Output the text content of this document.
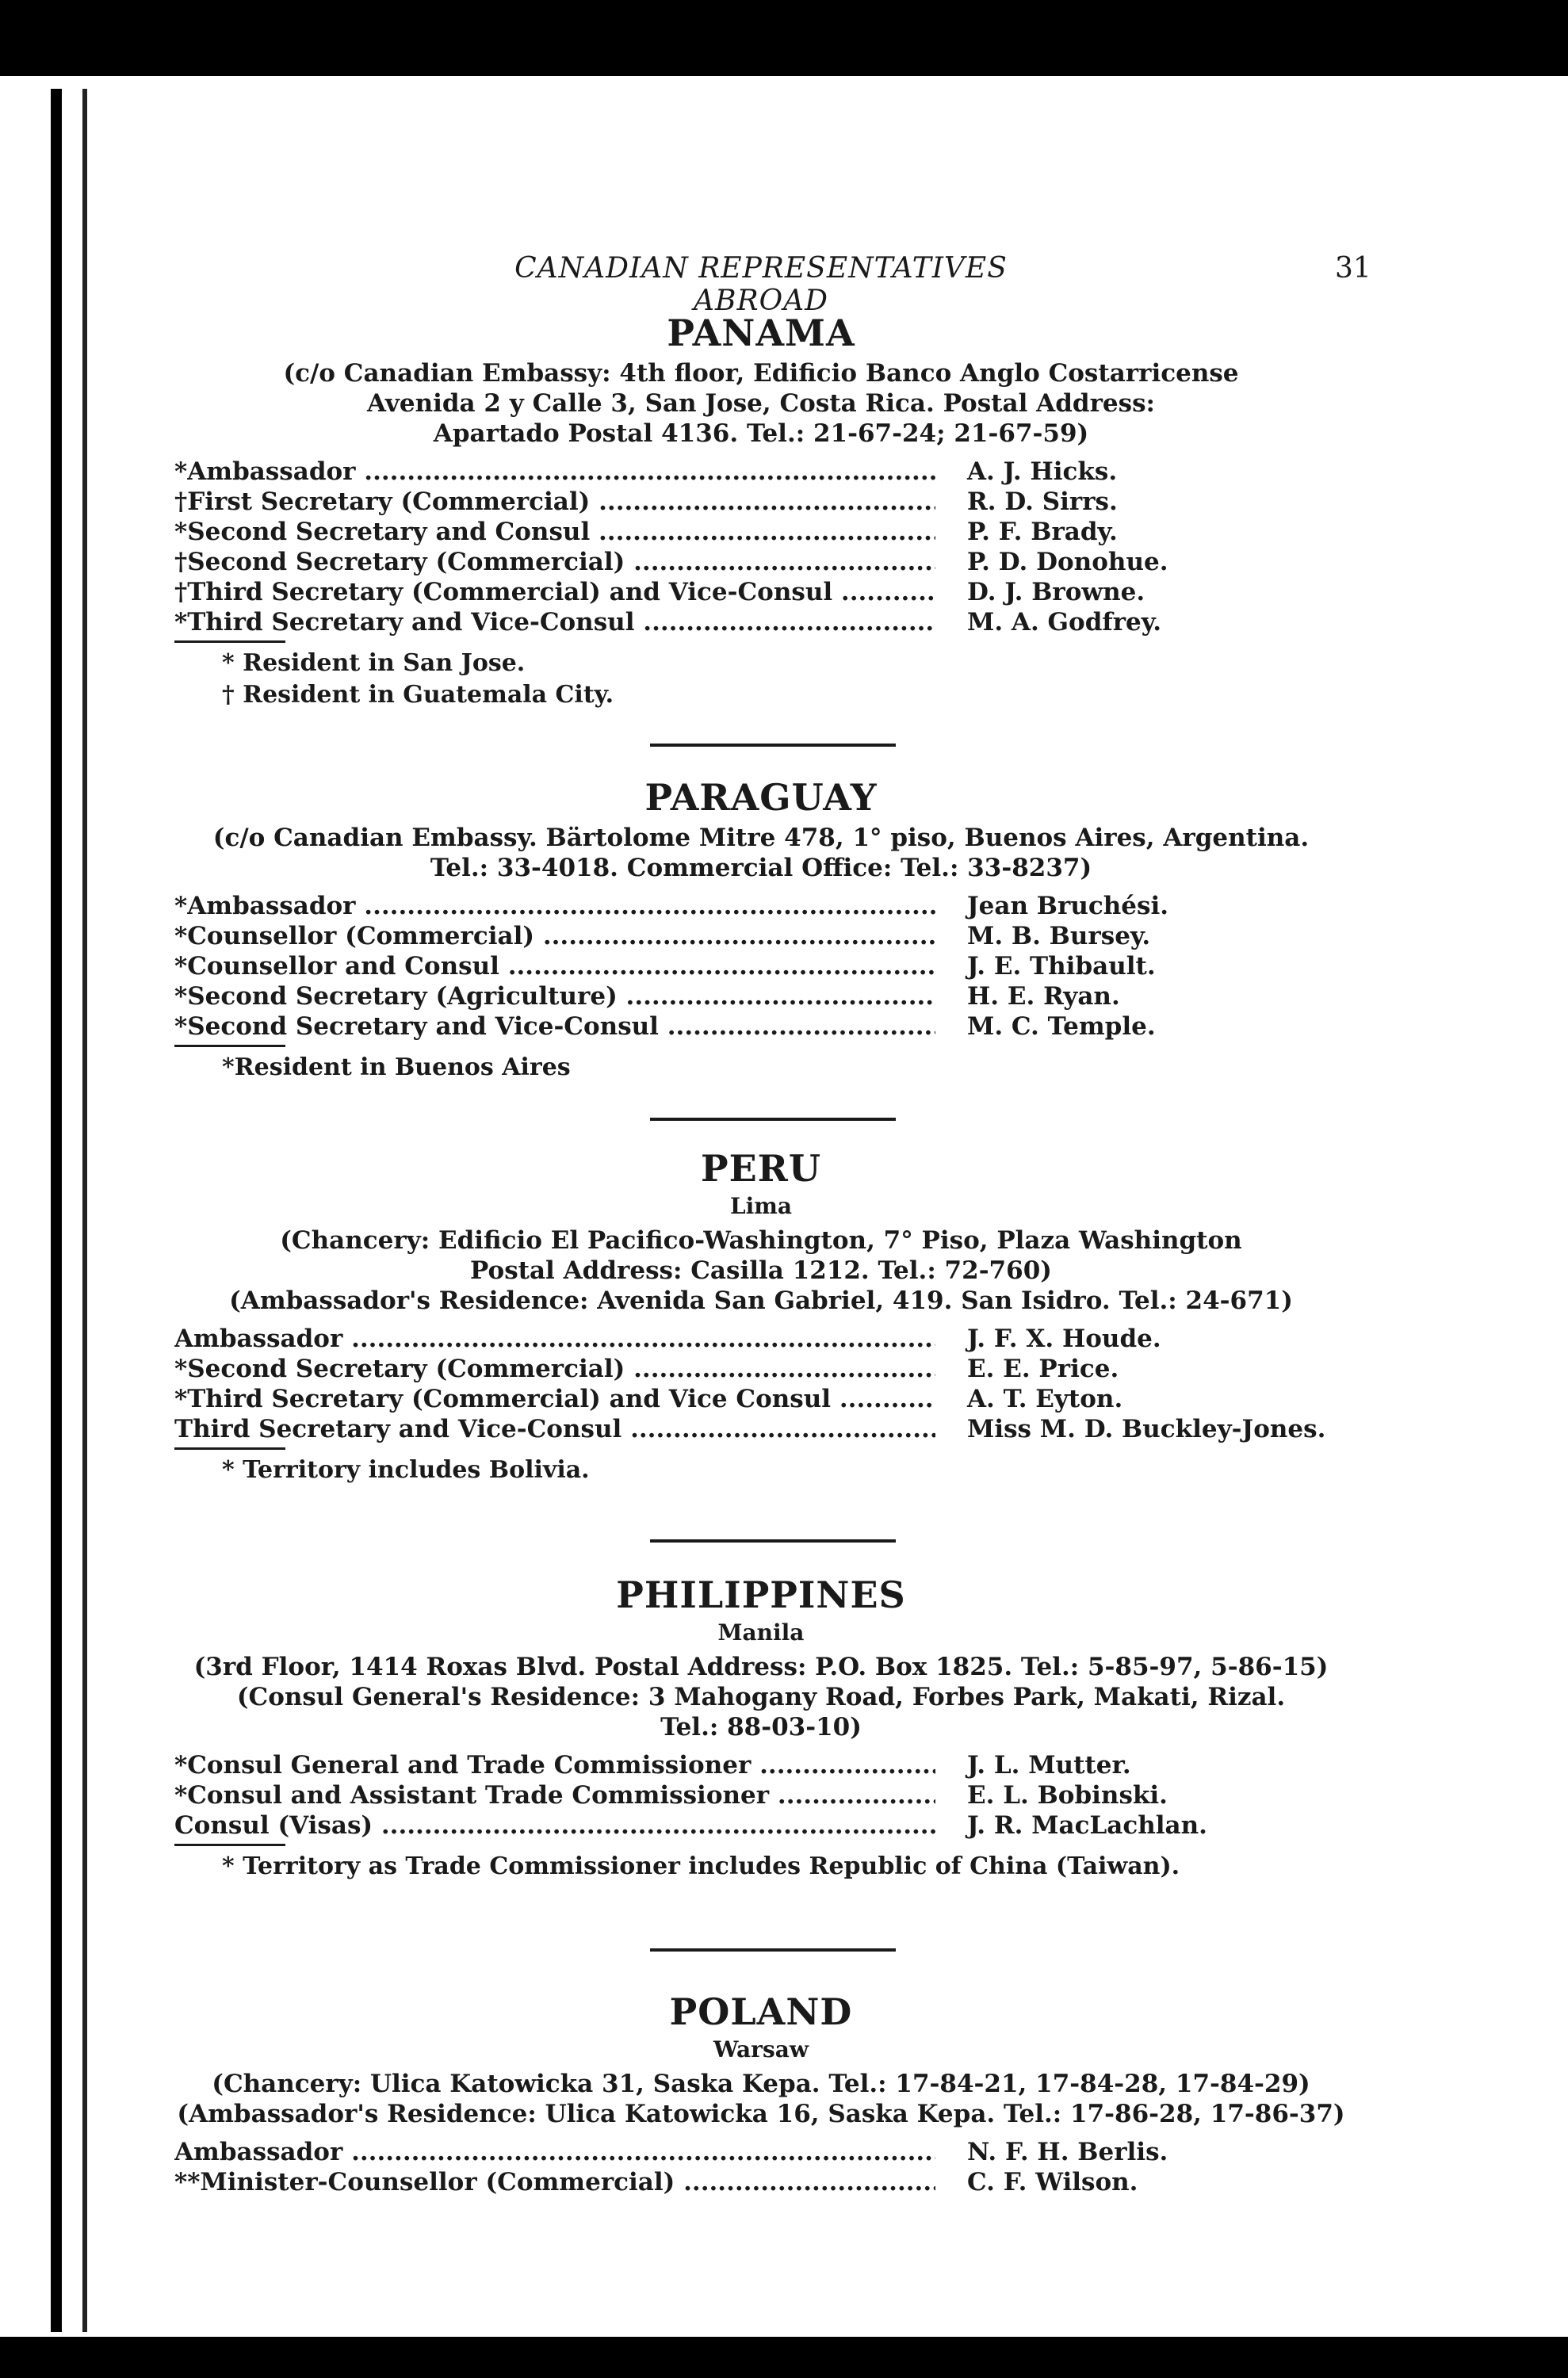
CANADIAN REPRESENTATIVES ABROAD
31
PANAMA
(c/o Canadian Embassy: 4th floor, Edificio Banco Anglo Costarricense
Avenida 2 y Calle 3, San Jose, Costa Rica. Postal Address:
Apartado Postal 4136. Tel.: 21-67-24; 21-67-59)
*Ambassador .....	A. J. Hicks.
†First Secretary (Commercial) .....	R. D. Sirrs.
*Second Secretary and Consul .....	P. F. Brady.
†Second Secretary (Commercial) .....	P. D. Donohue.
†Third Secretary (Commercial) and Vice-Consul .....	D. J. Browne.
*Third Secretary and Vice-Consul .....	M. A. Godfrey.
* Resident in San Jose.
† Resident in Guatemala City.
PARAGUAY
(c/o Canadian Embassy. Bärtolome Mitre 478, 1° piso, Buenos Aires, Argentina.
Tel.: 33-4018. Commercial Office: Tel.: 33-8237)
*Ambassador .....	Jean Bruchési.
*Counsellor (Commercial) .....	M. B. Bursey.
*Counsellor and Consul .....	J. E. Thibault.
*Second Secretary (Agriculture) .....	H. E. Ryan.
*Second Secretary and Vice-Consul .....	M. C. Temple.
*Resident in Buenos Aires
PERU
Lima
(Chancery: Edificio El Pacifico-Washington, 7° Piso, Plaza Washington
Postal Address: Casilla 1212. Tel.: 72-760)
(Ambassador's Residence: Avenida San Gabriel, 419. San Isidro. Tel.: 24-671)
Ambassador .....	J. F. X. Houde.
*Second Secretary (Commercial) .....	E. E. Price.
*Third Secretary (Commercial) and Vice Consul .....	A. T. Eyton.
Third Secretary and Vice-Consul .....	Miss M. D. Buckley-Jones.
* Territory includes Bolivia.
PHILIPPINES
Manila
(3rd Floor, 1414 Roxas Blvd. Postal Address: P.O. Box 1825. Tel.: 5-85-97, 5-86-15)
(Consul General's Residence: 3 Mahogany Road, Forbes Park, Makati, Rizal.
Tel.: 88-03-10)
*Consul General and Trade Commissioner .....	J. L. Mutter.
*Consul and Assistant Trade Commissioner .....	E. L. Bobinski.
Consul (Visas) .....	J. R. MacLachlan.
* Territory as Trade Commissioner includes Republic of China (Taiwan).
POLAND
Warsaw
(Chancery: Ulica Katowicka 31, Saska Kepa. Tel.: 17-84-21, 17-84-28, 17-84-29)
(Ambassador's Residence: Ulica Katowicka 16, Saska Kepa. Tel.: 17-86-28, 17-86-37)
Ambassador .....	N. F. H. Berlis.
**Minister-Counsellor (Commercial) .....	C. F. Wilson.
